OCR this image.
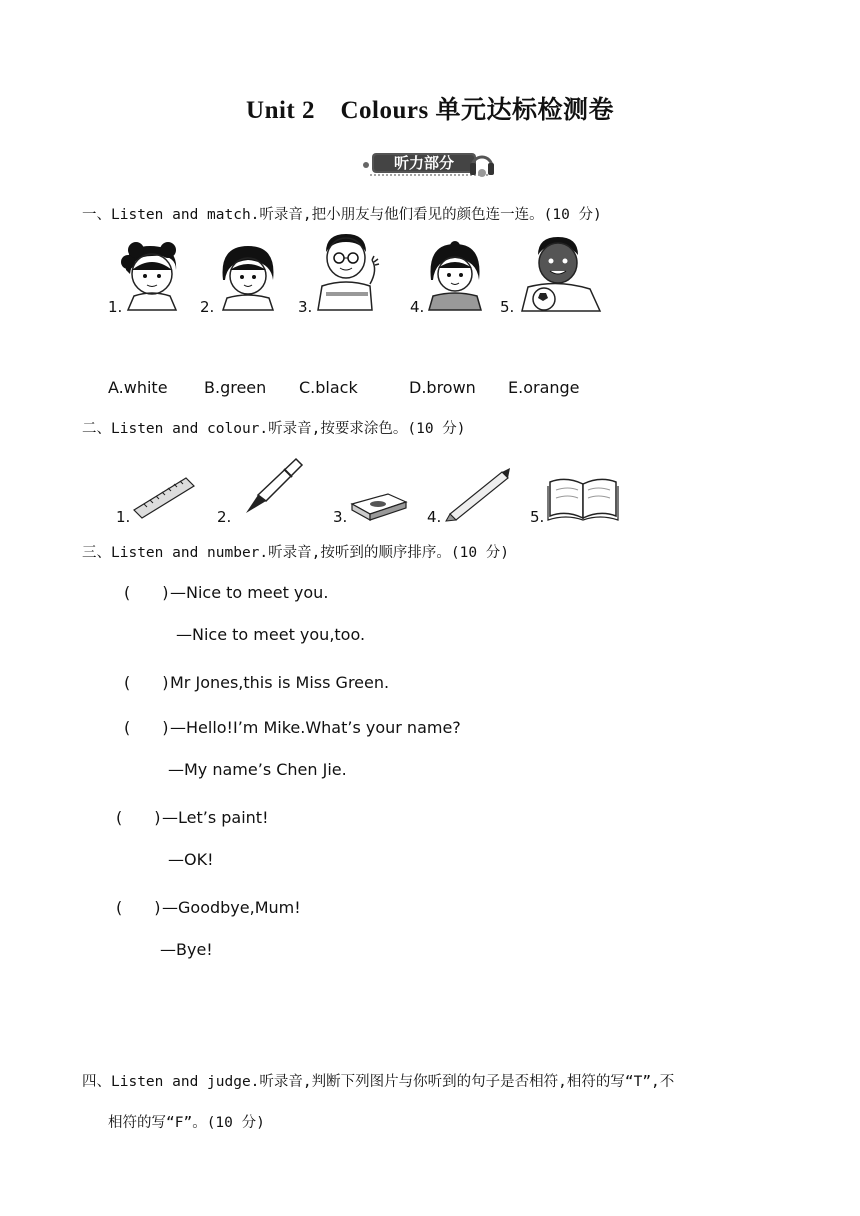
Unit 2　Colours 单元达标检测卷
听力部分
一、Listen and match.听录音,把小朋友与他们看见的颜色连一连。(10 分)
1.	2.	3.	4.	5.
A.white B.green C.black	D.brown E.orange
二、Listen and colour.听录音,按要求涂色。(10 分)
1.	2.	3.	4.	5.
三、Listen and number.听录音,按听到的顺序排序。(10 分)
(　　)—Nice to meet you.
—Nice to meet you,too.
(　　)Mr Jones,this is Miss Green.
(　　)—Hello!I’m Mike.What’s your name?
—My name’s Chen Jie.
(　　)—Let’s paint!
—OK!
(　　)—Goodbye,Mum!
—Bye!
四、Listen and judge.听录音,判断下列图片与你听到的句子是否相符,相符的写“T”,不
相符的写“F”。(10 分)
